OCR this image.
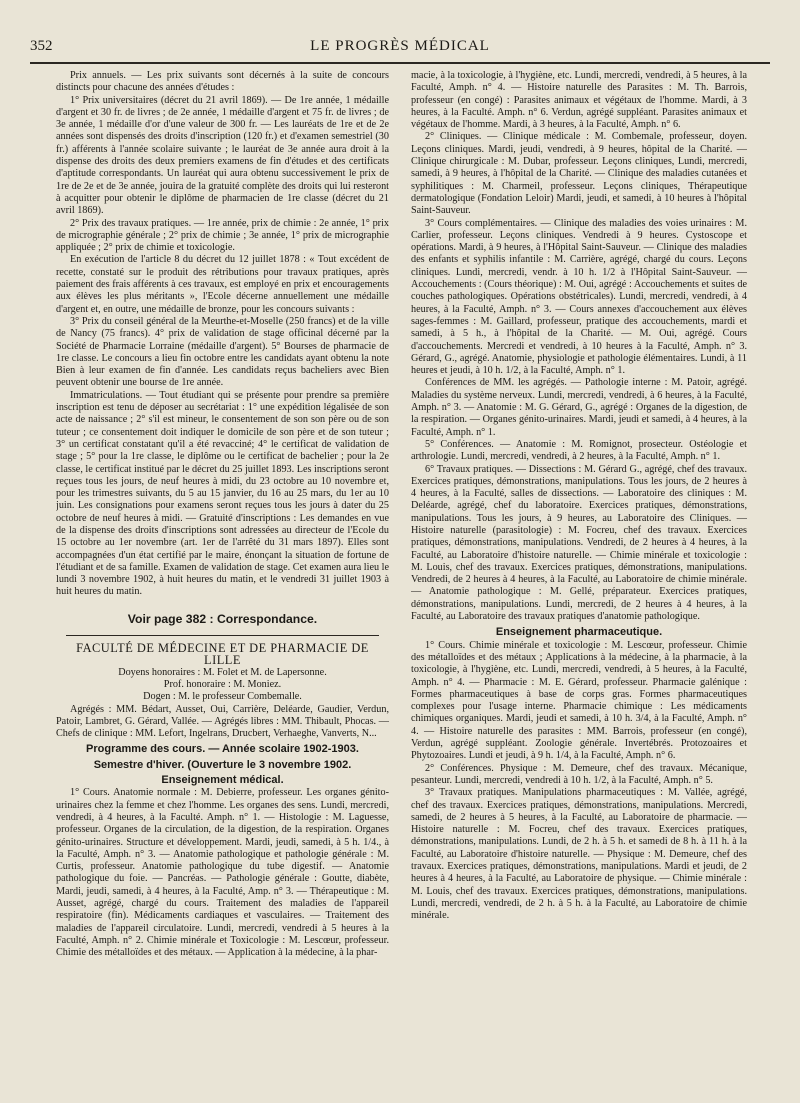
352	LE PROGRÈS MÉDICAL

Prix annuels. — Les prix suivants sont décernés à la suite de concours distincts pour chacune des années d'études :

1° Prix universitaires (décret du 21 avril 1869). — De 1re année, 1 médaille d'argent et 30 fr. de livres ; de 2e année, 1 médaille d'argent et 75 fr. de livres ; de 3e année, 1 médaille d'or d'une valeur de 300 fr. — Les lauréats de 1re et de 2e années sont dispensés des droits d'inscription (120 fr.) et d'examen semestriel (30 fr.) afférents à l'année scolaire suivante ; le lauréat de 3e année aura droit à la dispense des droits des deux premiers examens de fin d'études et des certificats d'aptitude correspondants. Un lauréat qui aura obtenu successivement le prix de 1re de 2e et de 3e année, jouira de la gratuité complète des droits qui lui resteront à acquitter pour obtenir le diplôme de pharmacien de 1re classe (décret du 21 avril 1869).

2° Prix des travaux pratiques. — 1re année, prix de chimie : 2e année, 1° prix de micrographie générale ; 2° prix de chimie ; 3e année, 1° prix de micrographie appliquée ; 2° prix de chimie et toxicologie.

En exécution de l'article 8 du décret du 12 juillet 1878 : « Tout excédent de recette, constaté sur le produit des rétributions pour travaux pratiques, après paiement des frais afférents à ces travaux, est employé en prix et encouragements aux élèves les plus méritants », l'Ecole décerne annuellement une médaille d'argent et, en outre, une médaille de bronze, pour les concours suivants :

3° Prix du conseil général de la Meurthe-et-Moselle (250 francs) et de la ville de Nancy (75 francs). 4° prix de validation de stage officinal décerné par la Société de Pharmacie Lorraine (médaille d'argent). 5° Bourses de pharmacie de 1re classe. Le concours a lieu fin octobre entre les candidats ayant obtenu la note Bien à leur examen de fin d'année. Les candidats reçus bacheliers avec Bien peuvent obtenir une bourse de 1re année.

Immatriculations. — Tout étudiant qui se présente pour prendre sa première inscription est tenu de déposer au secrétariat : 1° une expédition légalisée de son acte de naissance ; 2° s'il est mineur, le consentement de son son père ou de son tuteur ; ce consentement doit indiquer le domicile de son père et de son tuteur ; 3° un certificat constatant qu'il a été revacciné; 4° le certificat de validation de stage ; 5° pour la 1re classe, le diplôme ou le certificat de bachelier ; pour la 2e classe, le certificat institué par le décret du 25 juillet 1893. Les inscriptions seront reçues tous les jours, de neuf heures à midi, du 23 octobre au 10 novembre et, pour les trimestres suivants, du 5 au 15 janvier, du 16 au 25 mars, du 1er au 10 juin. Les consignations pour examens seront reçues tous les jours à dater du 25 octobre de neuf heures à midi. — Gratuité d'inscriptions : Les demandes en vue de la dispense des droits d'inscriptions sont adressées au directeur de l'Ecole du 15 octobre au 1er novembre (art. 1er de l'arrêté du 31 mars 1897). Elles sont accompagnées d'un état certifié par le maire, énonçant la situation de fortune de l'étudiant et de sa famille. Examen de validation de stage. Cet examen aura lieu le lundi 3 novembre 1902, à huit heures du matin, et le vendredi 31 juillet 1903 à huit heures du matin.

Voir page 382 : Correspondance.

FACULTÉ DE MÉDECINE ET DE PHARMACIE DE LILLE

Doyens honoraires : M. Folet et M. de Lapersonne.

Prof. honoraire : M. Moniez.

Dogen : M. le professeur Combemalle.

Agrégés : MM. Bédart, Ausset, Oui, Carrière, Deléarde, Gaudier, Verdun, Patoir, Lambret, G. Gérard, Vallée. — Agrégés libres : MM. Thibault, Phocas. — Chefs de clinique : MM. Lefort, Ingelrans, Drucbert, Verhaeghe, Vanverts, N...

Programme des cours. — Année scolaire 1902-1903.

Semestre d'hiver. (Ouverture le 3 novembre 1902.

Enseignement médical.

1° Cours. Anatomie normale : M. Debierre, professeur. Les organes génito-urinaires chez la femme et chez l'homme. Les organes des sens. Lundi, mercredi, vendredi, à 4 heures, à la Faculté. Amph. n° 1. — Histologie : M. Laguesse, professeur. Organes de la circulation, de la digestion, de la respiration. Organes génito-urinaires. Structure et développement. Mardi, jeudi, samedi, à 5 h. 1/4., à la Faculté, Amph. n° 3. — Anatomie pathologique et pathologie générale : M. Curtis, professeur. Anatomie pathologique du tube digestif. — Anatomie pathologique du foie. — Pancréas. — Pathologie générale : Goutte, diabète, Mardi, jeudi, samedi, à 4 heures, à la Faculté, Amp. n° 3. — Thérapeutique : M. Ausset, agrégé, chargé du cours. Traitement des maladies de l'appareil respiratoire (fin). Médicaments cardiaques et vasculaires. — Traitement des maladies de l'appareil circulatoire. Lundi, mercredi, vendredi à 5 heures à la Faculté, Amph. n° 2. Chimie minérale et Toxicologie : M. Lescœur, professeur. Chimie des métalloïdes et des métaux. — Application à la médecine, à la phar-

macie, à la toxicologie, à l'hygiène, etc. Lundi, mercredi, vendredi, à 5 heures, à la Faculté, Amph. n° 4. — Histoire naturelle des Parasites : M. Th. Barrois, professeur (en congé) : Parasites animaux et végétaux de l'homme. Mardi, à 3 heures, à la Faculté. Amph. n° 6. Verdun, agrégé suppléant. Parasites animaux et végétaux de l'homme. Mardi, à 3 heures, à la Faculté, Amph. n° 6.

2° Cliniques. — Clinique médicale : M. Combemale, professeur, doyen. Leçons cliniques. Mardi, jeudi, vendredi, à 9 heures, hôpital de la Charité. — Clinique chirurgicale : M. Dubar, professeur. Leçons cliniques, Lundi, mercredi, samedi, à 9 heures, à l'hôpital de la Charité. — Clinique des maladies cutanées et syphilitiques : M. Charmeil, professeur. Leçons cliniques, Thérapeutique dermatologique (Fondation Leloir) Mardi, jeudi, et samedi, à 10 heures à l'hôpital Saint-Sauveur.

3° Cours complémentaires. — Clinique des maladies des voies urinaires : M. Carlier, professeur. Leçons cliniques. Vendredi à 9 heures. Cystoscope et opérations. Mardi, à 9 heures, à l'Hôpital Saint-Sauveur. — Clinique des maladies des enfants et syphilis infantile : M. Carrière, agrégé, chargé du cours. Leçons cliniques. Lundi, mercredi, vendr. à 10 h. 1/2 à l'Hôpital Saint-Sauveur. — Accouchements : (Cours théorique) : M. Oui, agrégé : Accouchements et suites de couches pathologiques. Opérations obstétricales). Lundi, mercredi, vendredi, à 4 heures, à la Faculté, Amph. n° 3. — Cours annexes d'accouchement aux élèves sages-femmes : M. Gaillard, professeur, pratique des accouchements, mardi et samedi, à 5 h., à l'hôpital de la Charité. — M. Oui, agrégé. Cours d'accouchements. Mercredi et vendredi, à 10 heures à la Faculté, Amph. n° 3. Gérard, G., agrégé. Anatomie, physiologie et pathologie élémentaires. Lundi, à 11 heures et jeudi, à 10 h. 1/2, à la Faculté, Amph. n° 1.

Conférences de MM. les agrégés. — Pathologie interne : M. Patoir, agrégé. Maladies du système nerveux. Lundi, mercredi, vendredi, à 6 heures, à la Faculté, Amph. n° 3. — Anatomie : M. G. Gérard, G., agrégé : Organes de la digestion, de la respiration. — Organes génito-urinaires. Mardi, jeudi et samedi, à 4 heures, à la Faculté, Amph. n° 1.

5° Conférences. — Anatomie : M. Romignot, prosecteur. Ostéologie et arthrologie. Lundi, mercredi, vendredi, à 2 heures, à la Faculté, Amph. n° 1.

6° Travaux pratiques. — Dissections : M. Gérard G., agrégé, chef des travaux. Exercices pratiques, démonstrations, manipulations. Tous les jours, de 2 heures à 4 heures, à la Faculté, salles de dissections. — Laboratoire des cliniques : M. Deléarde, agrégé, chef du laboratoire. Exercices pratiques, démonstrations, manipulations. Tous les jours, à 9 heures, au Laboratoire des Cliniques. — Histoire naturelle (parasitologie) : M. Focreu, chef des travaux. Exercices pratiques, démonstrations, manipulations. Vendredi, de 2 heures à 4 heures, à la Faculté, au Laboratoire d'histoire naturelle. — Chimie minérale et toxicologie : M. Louis, chef des travaux. Exercices pratiques, démonstrations, manipulations. Vendredi, de 2 heures à 4 heures, à la Faculté, au Laboratoire de chimie minérale. — Anatomie pathologique : M. Gellé, préparateur. Exercices pratiques, démonstrations, manipulations. Lundi, mercredi, de 2 heures à 4 heures, à la Faculté, au Laboratoire des travaux pratiques d'anatomie pathologique.

Enseignement pharmaceutique.

1° Cours. Chimie minérale et toxicologie : M. Lescœur, professeur. Chimie des métalloïdes et des métaux ; Applications à la médecine, à la pharmacie, à la toxicologie, à l'hygiène, etc. Lundi, mercredi, vendredi, à 5 heures, à la Faculté, Amph. n° 4. — Pharmacie : M. E. Gérard, professeur. Pharmacie galénique : Formes pharmaceutiques à base de corps gras. Formes pharmaceutiques complexes pour l'usage interne. Pharmacie chimique : Les médicaments chimiques organiques. Mardi, jeudi et samedi, à 10 h. 3/4, à la Faculté, Amph. n° 4. — Histoire naturelle des parasites : MM. Barrois, professeur (en congé), Verdun, agrégé suppléant. Zoologie générale. Invertébrés. Protozoaires et Phytozoaires. Lundi et jeudi, à 9 h. 1/4, à la Faculté, Amph. n° 6.

2° Conférences. Physique : M. Demeure, chef des travaux. Mécanique, pesanteur. Lundi, mercredi, vendredi à 10 h. 1/2, à la Faculté, Amph. n° 5.

3° Travaux pratiques. Manipulations pharmaceutiques : M. Vallée, agrégé, chef des travaux. Exercices pratiques, démonstrations, manipulations. Mercredi, samedi, de 2 heures à 5 heures, à la Faculté, au Laboratoire de pharmacie. — Histoire naturelle : M. Focreu, chef des travaux. Exercices pratiques, démonstrations, manipulations. Lundi, de 2 h. à 5 h. et samedi de 8 h. à 11 h. à la Faculté, au Laboratoire d'histoire naturelle. — Physique : M. Demeure, chef des travaux. Exercices pratiques, démonstrations, manipulations. Mardi et jeudi, de 2 heures à 4 heures, à la Faculté, au Laboratoire de physique. — Chimie minérale : M. Louis, chef des travaux. Exercices pratiques, démonstrations, manipulations. Lundi, mercredi, vendredi, de 2 h. à 5 h. à la Faculté, au Laboratoire de chimie minérale.
